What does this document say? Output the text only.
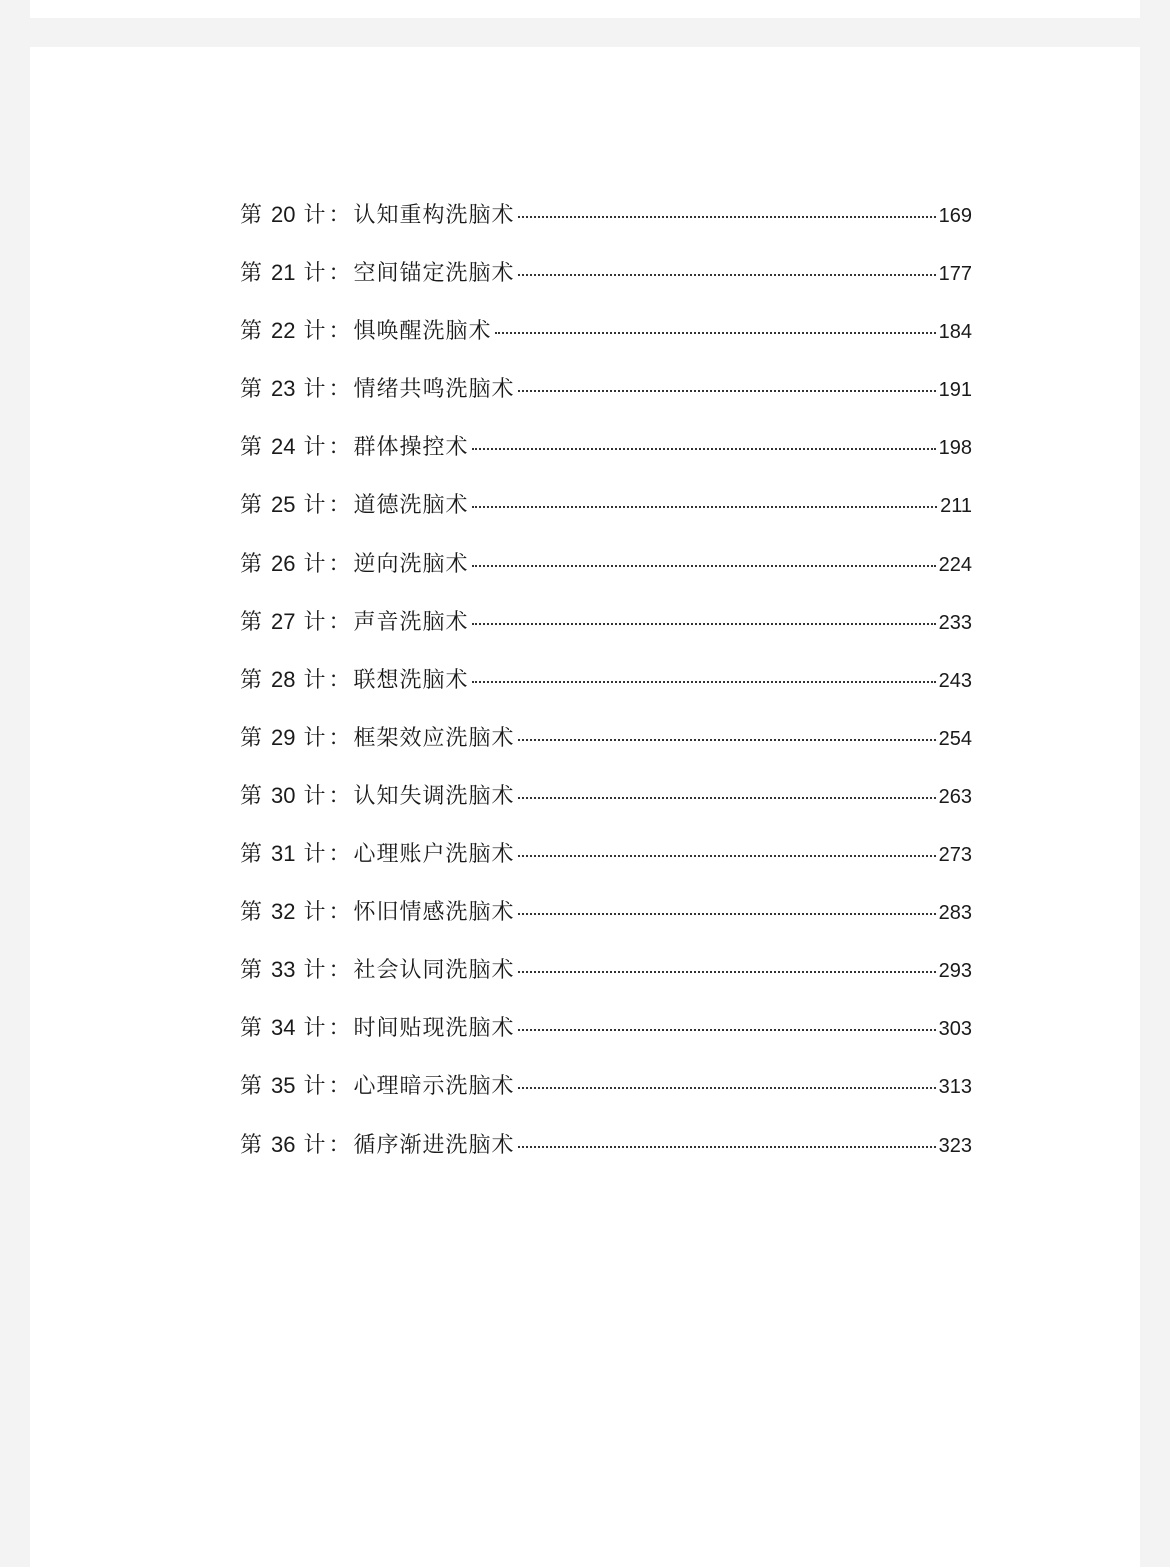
第 20 计：认知重构洗脑术	169
第 21 计：空间锚定洗脑术	177
第 22 计：惧唤醒洗脑术	184
第 23 计：情绪共鸣洗脑术	191
第 24 计：群体操控术	198
第 25 计：道德洗脑术	211
第 26 计：逆向洗脑术	224
第 27 计：声音洗脑术	233
第 28 计：联想洗脑术	243
第 29 计：框架效应洗脑术	254
第 30 计：认知失调洗脑术	263
第 31 计：心理账户洗脑术	273
第 32 计：怀旧情感洗脑术	283
第 33 计：社会认同洗脑术	293
第 34 计：时间贴现洗脑术	303
第 35 计：心理暗示洗脑术	313
第 36 计：循序渐进洗脑术	323
